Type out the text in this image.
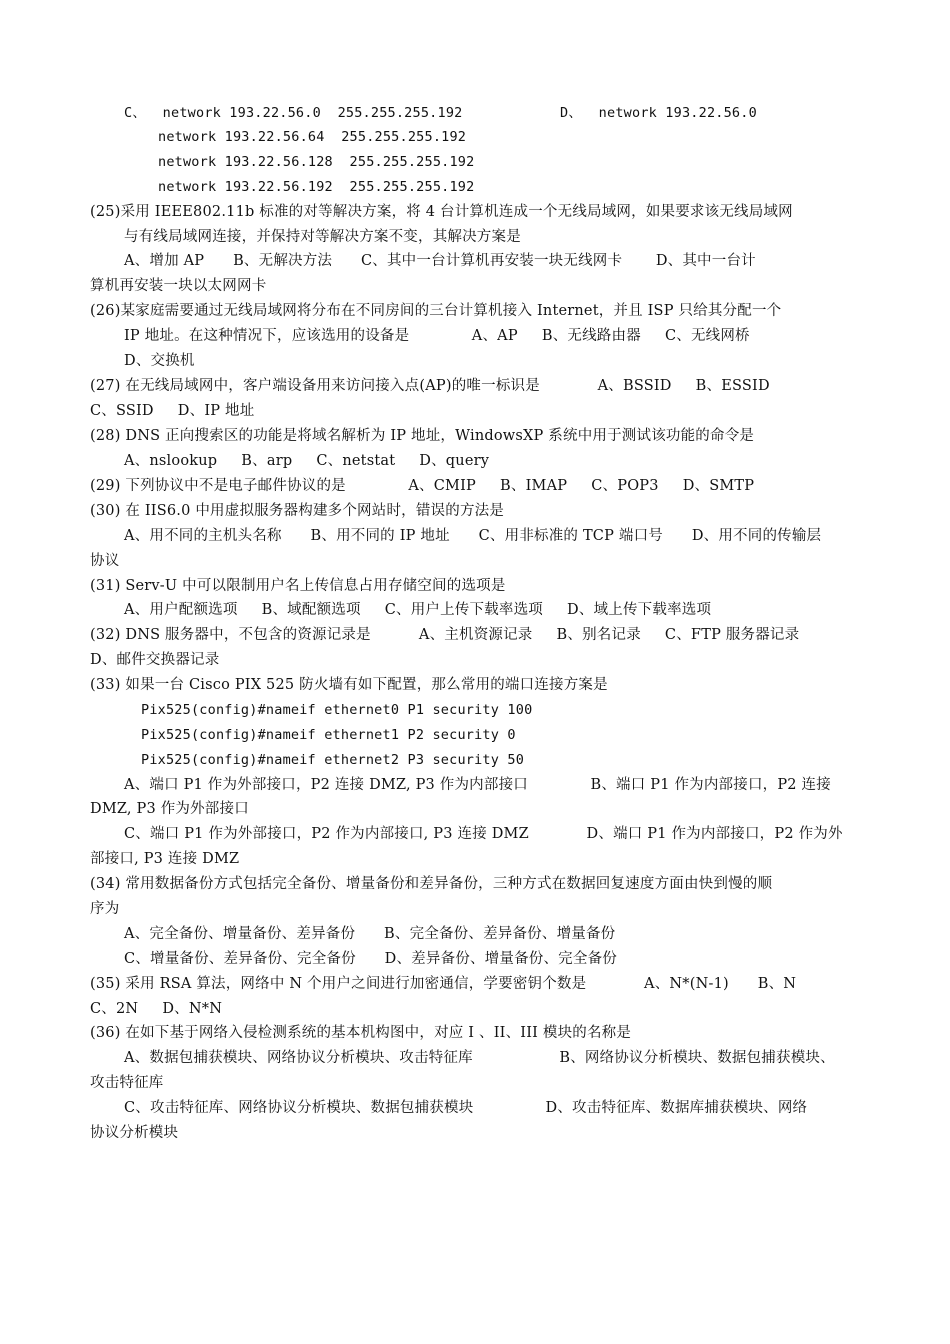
C、  network 193.22.56.0  255.255.255.192	D、  network 193.22.56.0
network 193.22.56.64  255.255.255.192
network 193.22.56.128  255.255.255.192
network 193.22.56.192  255.255.255.192
(25)采用 IEEE802.11b 标准的对等解决方案，将 4 台计算机连成一个无线局域网，如果要求该无线局域网
与有线局域网连接，并保持对等解决方案不变，其解决方案是
A、增加 AP      B、无解决方法      C、其中一台计算机再安装一块无线网卡       D、其中一台计
算机再安装一块以太网网卡
(26)某家庭需要通过无线局域网将分布在不同房间的三台计算机接入 Internet，并且 ISP 只给其分配一个
IP 地址。在这种情况下，应该选用的设备是             A、AP     B、无线路由器     C、无线网桥
D、交换机
(27) 在无线局域网中，客户端设备用来访问接入点(AP)的唯一标识是            A、BSSID     B、ESSID
C、SSID     D、IP 地址
(28) DNS 正向搜索区的功能是将域名解析为 IP 地址，WindowsXP 系统中用于测试该功能的命令是
A、nslookup     B、arp     C、netstat     D、query
(29) 下列协议中不是电子邮件协议的是             A、CMIP     B、IMAP     C、POP3     D、SMTP
(30) 在 IIS6.0 中用虚拟服务器构建多个网站时，错误的方法是
A、用不同的主机头名称      B、用不同的 IP 地址      C、用非标准的 TCP 端口号      D、用不同的传输层
协议
(31) Serv-U 中可以限制用户名上传信息占用存储空间的选项是
A、用户配额选项     B、域配额选项     C、用户上传下载率选项     D、域上传下载率选项
(32) DNS 服务器中，不包含的资源记录是          A、主机资源记录     B、别名记录     C、FTP 服务器记录
D、邮件交换器记录
(33) 如果一台 Cisco PIX 525 防火墙有如下配置，那么常用的端口连接方案是
Pix525(config)#nameif ethernet0 P1 security 100
Pix525(config)#nameif ethernet1 P2 security 0
Pix525(config)#nameif ethernet2 P3 security 50
A、端口 P1 作为外部接口，P2 连接 DMZ, P3 作为内部接口             B、端口 P1 作为内部接口，P2 连接
DMZ, P3 作为外部接口
C、端口 P1 作为外部接口，P2 作为内部接口, P3 连接 DMZ            D、端口 P1 作为内部接口，P2 作为外
部接口, P3 连接 DMZ
(34) 常用数据备份方式包括完全备份、增量备份和差异备份，三种方式在数据回复速度方面由快到慢的顺
序为
A、完全备份、增量备份、差异备份      B、完全备份、差异备份、增量备份
C、增量备份、差异备份、完全备份      D、差异备份、增量备份、完全备份
(35) 采用 RSA 算法，网络中 N 个用户之间进行加密通信，学要密钥个数是            A、N*(N-1)      B、N
C、2N     D、N*N
(36) 在如下基于网络入侵检测系统的基本机构图中，对应 I 、II、III 模块的名称是
A、数据包捕获模块、网络协议分析模块、攻击特征库                  B、网络协议分析模块、数据包捕获模块、
攻击特征库
C、攻击特征库、网络协议分析模块、数据包捕获模块               D、攻击特征库、数据库捕获模块、网络
协议分析模块
